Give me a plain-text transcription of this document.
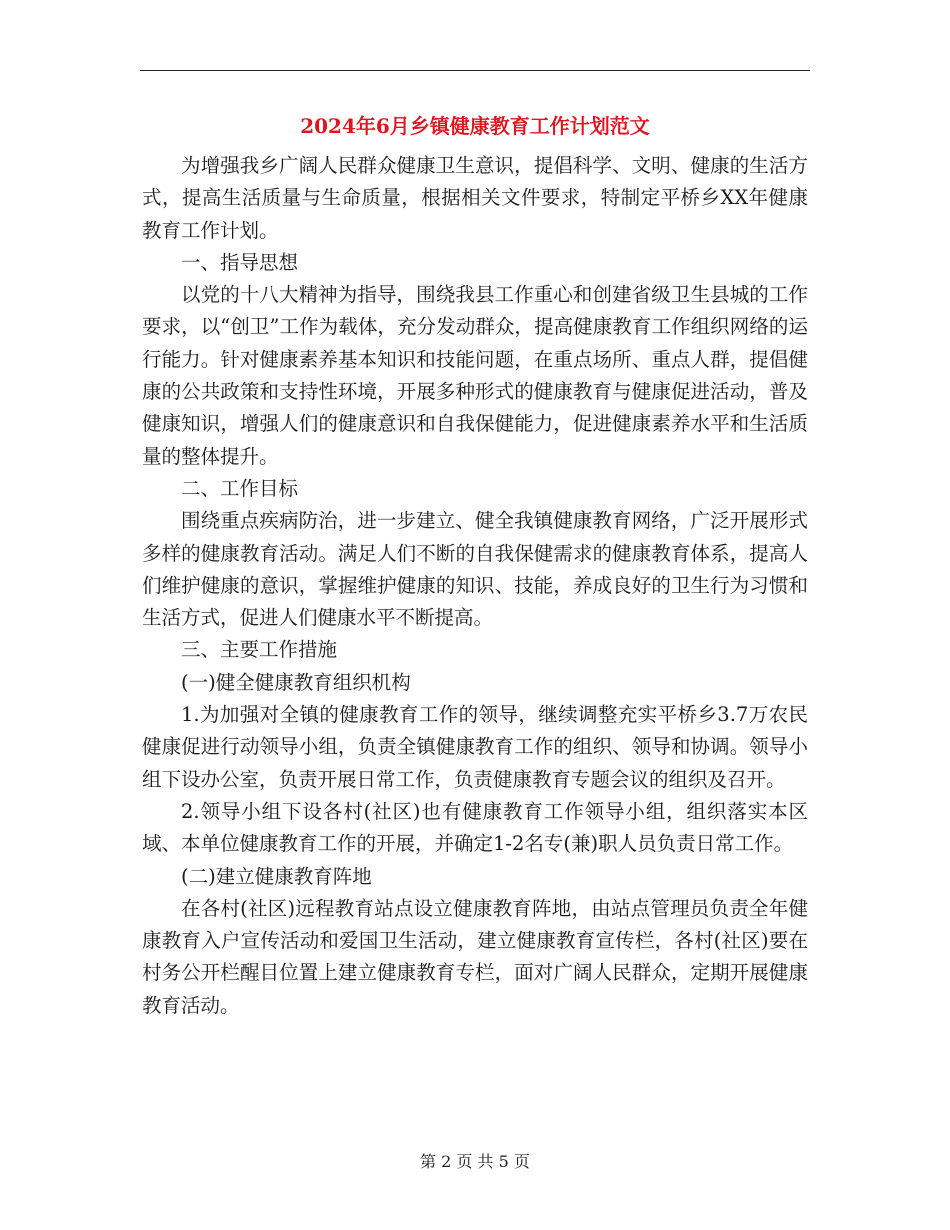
2024年6月乡镇健康教育工作计划范文

为增强我乡广阔人民群众健康卫生意识，提倡科学、文明、健康的生活方式，提高生活质量与生命质量，根据相关文件要求，特制定平桥乡XX年健康教育工作计划。

一、指导思想

以党的十八大精神为指导，围绕我县工作重心和创建省级卫生县城的工作要求，以“创卫”工作为载体，充分发动群众，提高健康教育工作组织网络的运行能力。针对健康素养基本知识和技能问题，在重点场所、重点人群，提倡健康的公共政策和支持性环境，开展多种形式的健康教育与健康促进活动，普及健康知识，增强人们的健康意识和自我保健能力，促进健康素养水平和生活质量的整体提升。

二、工作目标

围绕重点疾病防治，进一步建立、健全我镇健康教育网络，广泛开展形式多样的健康教育活动。满足人们不断的自我保健需求的健康教育体系，提高人们维护健康的意识，掌握维护健康的知识、技能，养成良好的卫生行为习惯和生活方式，促进人们健康水平不断提高。

三、主要工作措施

(一)健全健康教育组织机构

1.为加强对全镇的健康教育工作的领导，继续调整充实平桥乡3.7万农民健康促进行动领导小组，负责全镇健康教育工作的组织、领导和协调。领导小组下设办公室，负责开展日常工作，负责健康教育专题会议的组织及召开。

2.领导小组下设各村(社区)也有健康教育工作领导小组，组织落实本区域、本单位健康教育工作的开展，并确定1-2名专(兼)职人员负责日常工作。

(二)建立健康教育阵地

在各村(社区)远程教育站点设立健康教育阵地，由站点管理员负责全年健康教育入户宣传活动和爱国卫生活动，建立健康教育宣传栏，各村(社区)要在村务公开栏醒目位置上建立健康教育专栏，面对广阔人民群众，定期开展健康教育活动。

第 2 页 共 5 页
